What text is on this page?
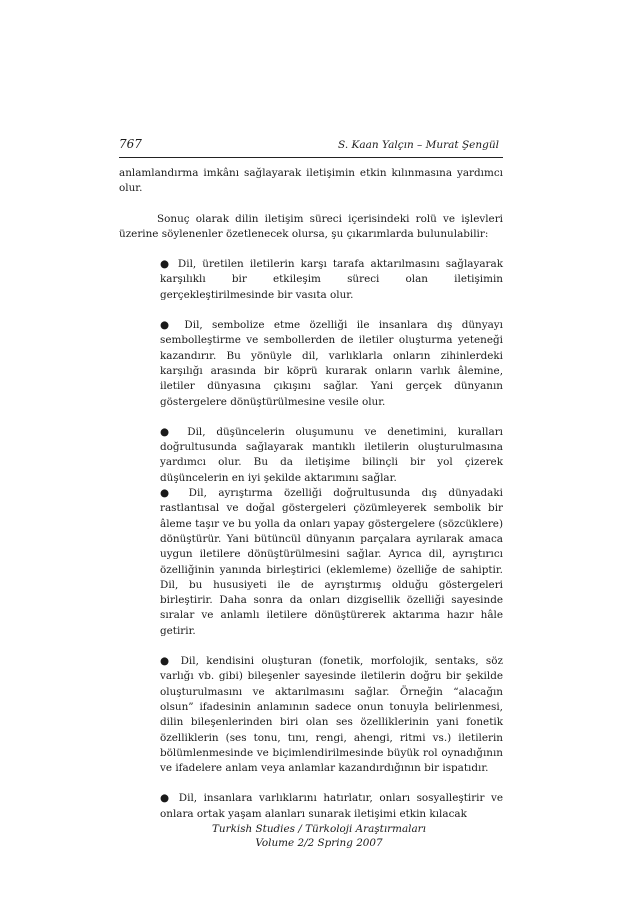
767	S. Kaan Yalçın – Murat Şengül

anlamlandırma imkânı sağlayarak iletişimin etkin kılınmasına yardımcı olur.

Sonuç olarak dilin iletişim süreci içerisindeki rolü ve işlevleri üzerine söylenenler özetlenecek olursa, şu çıkarımlarda bulunulabilir:

● Dil, üretilen iletilerin karşı tarafa aktarılmasını sağlayarak karşılıklı bir etkileşim süreci olan iletişimin gerçekleştirilmesinde bir vasıta olur.

● Dil, sembolize etme özelliği ile insanlara dış dünyayı sembolleştirme ve sembollerden de iletiler oluşturma yeteneği kazandırır. Bu yönüyle dil, varlıklarla onların zihinlerdeki karşılığı arasında bir köprü kurarak onların varlık âlemine, iletiler dünyasına çıkışını sağlar. Yani gerçek dünyanın göstergelere dönüştürülmesine vesile olur.

● Dil, düşüncelerin oluşumunu ve denetimini, kuralları doğrultusunda sağlayarak mantıklı iletilerin oluşturulmasına yardımcı olur. Bu da iletişime bilinçli bir yol çizerek düşüncelerin en iyi şekilde aktarımını sağlar.

● Dil, ayrıştırma özelliği doğrultusunda dış dünyadaki rastlantısal ve doğal göstergeleri çözümleyerek sembolik bir âleme taşır ve bu yolla da onları yapay göstergelere (sözcüklere) dönüştürür. Yani bütüncül dünyanın parçalara ayrılarak amaca uygun iletilere dönüştürülmesini sağlar. Ayrıca dil, ayrıştırıcı özelliğinin yanında birleştirici (eklemleme) özelliğe de sahiptir. Dil, bu hususiyeti ile de ayrıştırmış olduğu göstergeleri birleştirir. Daha sonra da onları dizgisellik özelliği sayesinde sıralar ve anlamlı iletilere dönüştürerek aktarıma hazır hâle getirir.

● Dil, kendisini oluşturan (fonetik, morfolojik, sentaks, söz varlığı vb. gibi) bileşenler sayesinde iletilerin doğru bir şekilde oluşturulmasını ve aktarılmasını sağlar. Örneğin “alacağın olsun” ifadesinin anlamının sadece onun tonuyla belirlenmesi, dilin bileşenlerinden biri olan ses özelliklerinin yani fonetik özelliklerin (ses tonu, tını, rengi, ahengi, ritmi vs.) iletilerin bölümlenmesinde ve biçimlendirilmesinde büyük rol oynadığının ve ifadelere anlam veya anlamlar kazandırdığının bir ispatıdır.

● Dil, insanlara varlıklarını hatırlatır, onları sosyalleştirir ve onlara ortak yaşam alanları sunarak iletişimi etkin kılacak

Turkish Studies / Türkoloji Araştırmaları
Volume 2/2 Spring 2007
